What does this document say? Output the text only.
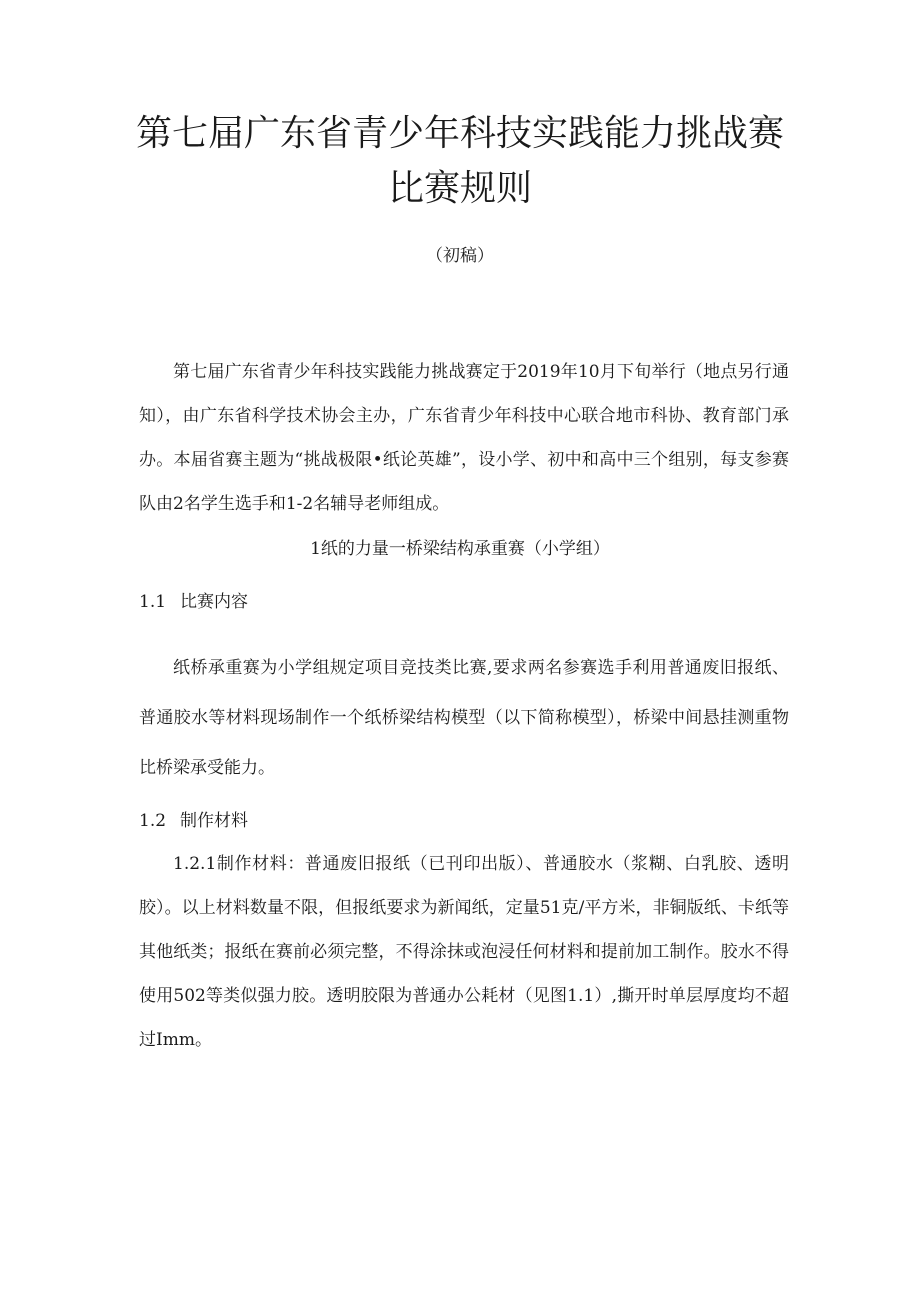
第七届广东省青少年科技实践能力挑战赛
比赛规则

（初稿）

第七届广东省青少年科技实践能力挑战赛定于2019年10月下旬举行（地点另行通知），由广东省科学技术协会主办，广东省青少年科技中心联合地市科协、教育部门承办。本届省赛主题为“挑战极限•纸论英雄”，设小学、初中和高中三个组别，每支参赛队由2名学生选手和1-2名辅导老师组成。

1纸的力量一桥梁结构承重赛（小学组）

1.1 比赛内容

纸桥承重赛为小学组规定项目竞技类比赛,要求两名参赛选手利用普通废旧报纸、普通胶水等材料现场制作一个纸桥梁结构模型（以下简称模型），桥梁中间悬挂测重物比桥梁承受能力。

1.2 制作材料

1.2.1制作材料：普通废旧报纸（已刊印出版）、普通胶水（浆糊、白乳胶、透明胶）。以上材料数量不限，但报纸要求为新闻纸，定量51克/平方米，非铜版纸、卡纸等其他纸类；报纸在赛前必须完整，不得涂抹或泡浸任何材料和提前加工制作。胶水不得使用502等类似强力胶。透明胶限为普通办公耗材（见图1.1）,撕开时单层厚度均不超过Imm。
